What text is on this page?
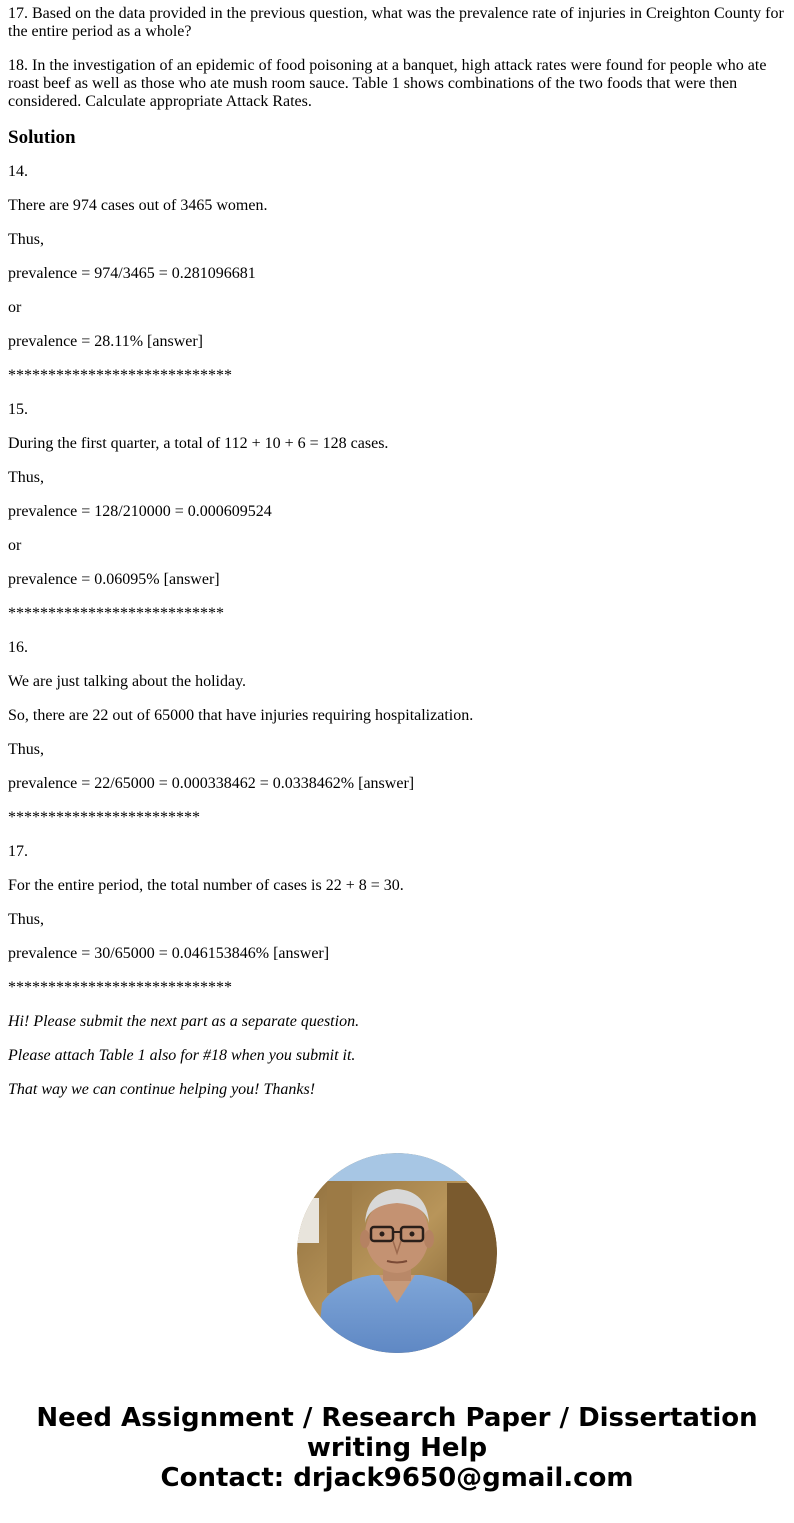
17. Based on the data provided in the previous question, what was the prevalence rate of injuries in Creighton County for the entire period as a whole?

18. In the investigation of an epidemic of food poisoning at a banquet, high attack rates were found for people who ate roast beef as well as those who ate mush room sauce. Table 1 shows combinations of the two foods that were then considered. Calculate appropriate Attack Rates.

Solution

14.

There are 974 cases out of 3465 women.

Thus,

prevalence = 974/3465 = 0.281096681

or

prevalence = 28.11% [answer]

****************************

15.

During the first quarter, a total of 112 + 10 + 6 = 128 cases.

Thus,

prevalence = 128/210000 = 0.000609524

or

prevalence = 0.06095% [answer]

***************************

16.

We are just talking about the holiday.

So, there are 22 out of 65000 that have injuries requiring hospitalization.

Thus,

prevalence = 22/65000 = 0.000338462 = 0.0338462% [answer]

************************

17.

For the entire period, the total number of cases is 22 + 8 = 30.

Thus,

prevalence = 30/65000 = 0.046153846% [answer]

****************************

Hi! Please submit the next part as a separate question.

Please attach Table 1 also for #18 when you submit it.

That way we can continue helping you! Thanks!

Need Assignment / Research Paper / Dissertation
writing Help
Contact: drjack9650@gmail.com
